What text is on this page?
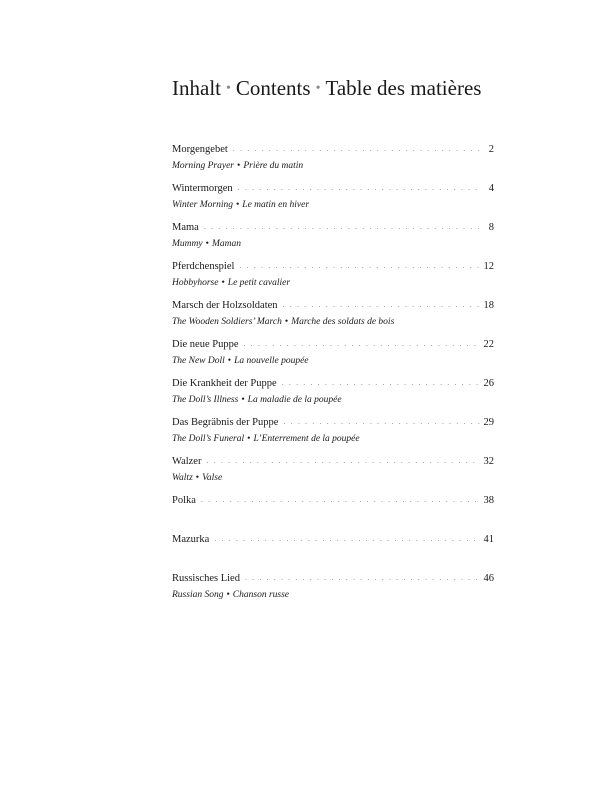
Inhalt • Contents • Table des matières
Morgengebet . . .	2
Morning Prayer • Prière du matin
Wintermorgen . . .	4
Winter Morning • Le matin en hiver
Mama . . .	8
Mummy • Maman
Pferdchenspiel . . .	12
Hobbyhorse • Le petit cavalier
Marsch der Holzsoldaten . . .	18
The Wooden Soldiers’ March • Marche des soldats de bois
Die neue Puppe . . .	22
The New Doll • La nouvelle poupée
Die Krankheit der Puppe . . .	26
The Doll’s Illness • La maladie de la poupée
Das Begräbnis der Puppe . . .	29
The Doll’s Funeral • L’Enterrement de la poupée
Walzer . . .	32
Waltz • Valse
Polka . . .	38
Mazurka . . .	41
Russisches Lied . . .	46
Russian Song • Chanson russe
